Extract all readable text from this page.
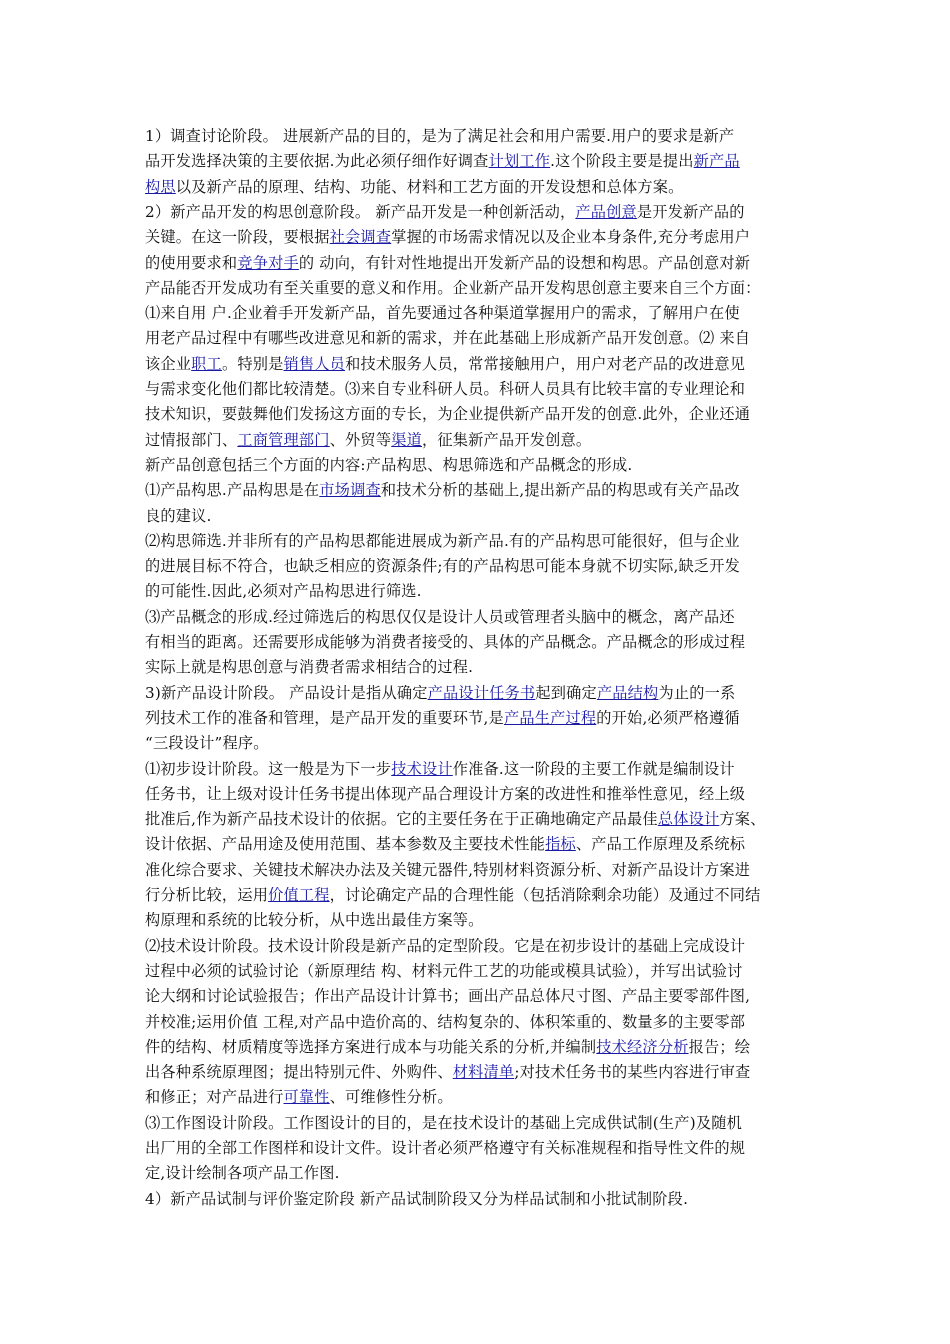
1）调查讨论阶段。 进展新产品的目的，是为了满足社会和用户需要.用户的要求是新产
品开发选择决策的主要依据.为此必须仔细作好调查计划工作.这个阶段主要是提出新产品
构思以及新产品的原理、结构、功能、材料和工艺方面的开发设想和总体方案。
2）新产品开发的构思创意阶段。 新产品开发是一种创新活动，产品创意是开发新产品的
关键。在这一阶段，要根据社会调查掌握的市场需求情况以及企业本身条件,充分考虑用户
的使用要求和竞争对手的 动向，有针对性地提出开发新产品的设想和构思。产品创意对新
产品能否开发成功有至关重要的意义和作用。企业新产品开发构思创意主要来自三个方面：
⑴来自用 户.企业着手开发新产品，首先要通过各种渠道掌握用户的需求，了解用户在使
用老产品过程中有哪些改进意见和新的需求，并在此基础上形成新产品开发创意。⑵ 来自
该企业职工。特别是销售人员和技术服务人员，常常接触用户，用户对老产品的改进意见
与需求变化他们都比较清楚。⑶来自专业科研人员。科研人员具有比较丰富的专业理论和
技术知识，要鼓舞他们发扬这方面的专长，为企业提供新产品开发的创意.此外，企业还通
过情报部门、工商管理部门、外贸等渠道，征集新产品开发创意。
新产品创意包括三个方面的内容:产品构思、构思筛选和产品概念的形成.
⑴产品构思.产品构思是在市场调查和技术分析的基础上,提出新产品的构思或有关产品改
良的建议.
⑵构思筛选.并非所有的产品构思都能进展成为新产品.有的产品构思可能很好，但与企业
的进展目标不符合，也缺乏相应的资源条件;有的产品构思可能本身就不切实际,缺乏开发
的可能性.因此,必须对产品构思进行筛选.
⑶产品概念的形成.经过筛选后的构思仅仅是设计人员或管理者头脑中的概念，离产品还
有相当的距离。还需要形成能够为消费者接受的、具体的产品概念。产品概念的形成过程
实际上就是构思创意与消费者需求相结合的过程.
3)新产品设计阶段。 产品设计是指从确定产品设计任务书起到确定产品结构为止的一系
列技术工作的准备和管理，是产品开发的重要环节,是产品生产过程的开始,必须严格遵循
“三段设计”程序。
⑴初步设计阶段。这一般是为下一步技术设计作准备.这一阶段的主要工作就是编制设计
任务书，让上级对设计任务书提出体现产品合理设计方案的改进性和推举性意见，经上级
批准后,作为新产品技术设计的依据。它的主要任务在于正确地确定产品最佳总体设计方案、
设计依据、产品用途及使用范围、基本参数及主要技术性能指标、产品工作原理及系统标
准化综合要求、关键技术解决办法及关键元器件,特别材料资源分析、对新产品设计方案进
行分析比较，运用价值工程，讨论确定产品的合理性能（包括消除剩余功能）及通过不同结
构原理和系统的比较分析，从中选出最佳方案等。
⑵技术设计阶段。技术设计阶段是新产品的定型阶段。它是在初步设计的基础上完成设计
过程中必须的试验讨论（新原理结 构、材料元件工艺的功能或模具试验），并写出试验讨
论大纲和讨论试验报告；作出产品设计计算书；画出产品总体尺寸图、产品主要零部件图,
并校准;运用价值 工程,对产品中造价高的、结构复杂的、体积笨重的、数量多的主要零部
件的结构、材质精度等选择方案进行成本与功能关系的分析,并编制技术经济分析报告；绘
出各种系统原理图；提出特别元件、外购件、材料清单;对技术任务书的某些内容进行审查
和修正；对产品进行可靠性、可维修性分析。
⑶工作图设计阶段。工作图设计的目的，是在技术设计的基础上完成供试制(生产)及随机
出厂用的全部工作图样和设计文件。设计者必须严格遵守有关标准规程和指导性文件的规
定,设计绘制各项产品工作图.
4）新产品试制与评价鉴定阶段 新产品试制阶段又分为样品试制和小批试制阶段.
